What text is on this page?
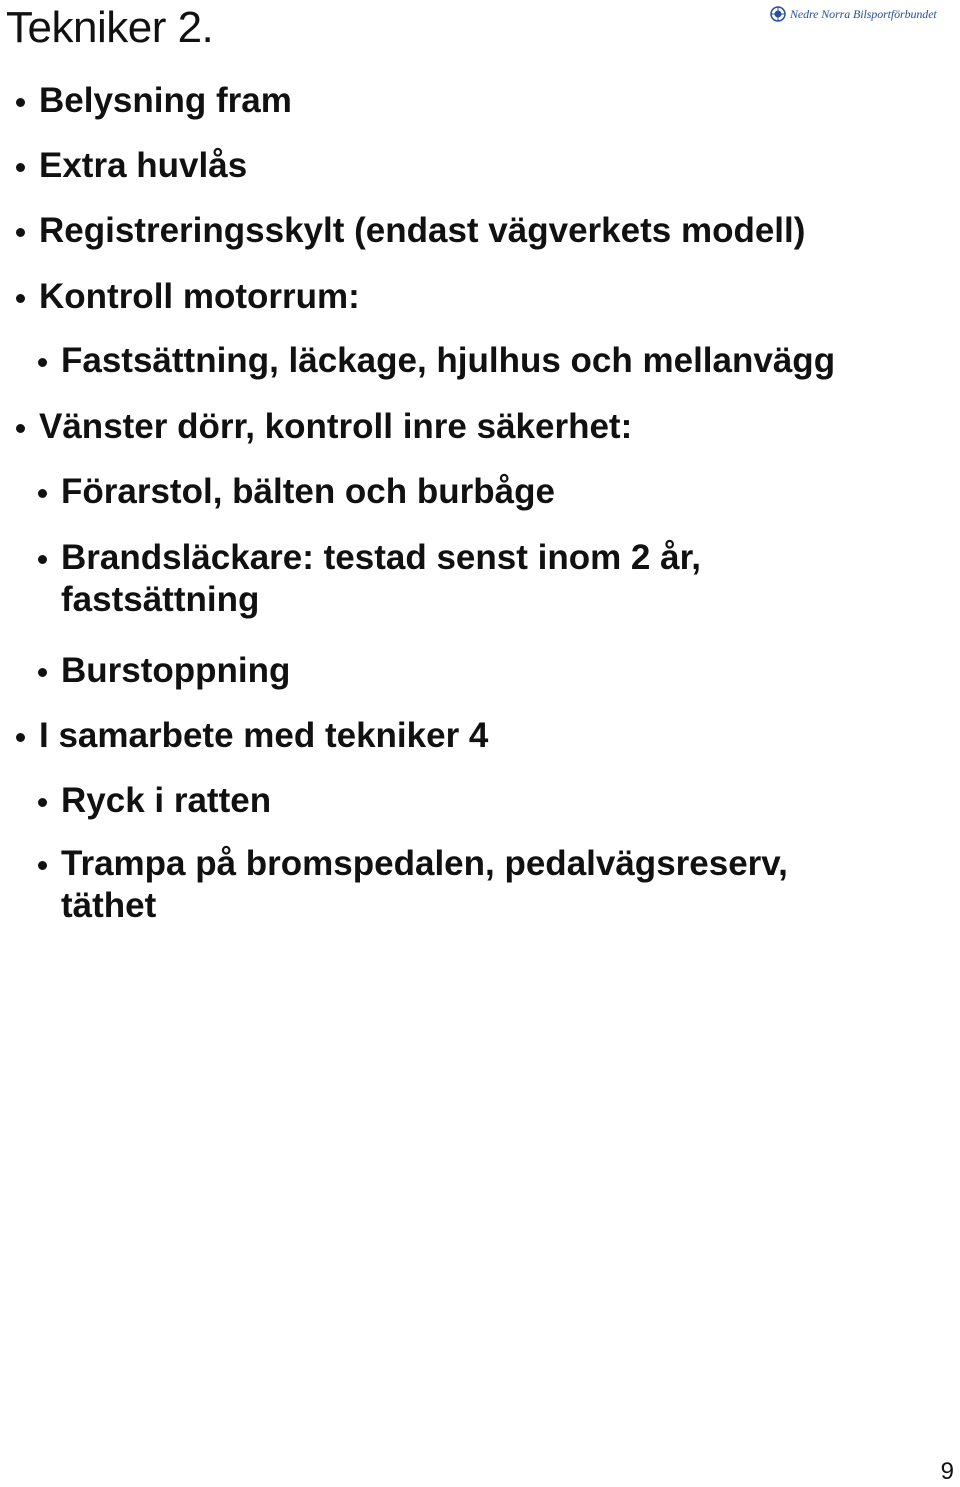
Tekniker 2.	Nedre Norra Bilsportförbundet
Belysning fram
Extra huvlås
Registreringsskylt (endast vägverkets modell)
Kontroll motorrum:
Fastsättning, läckage, hjulhus och mellanvägg
Vänster dörr, kontroll inre säkerhet:
Förarstol, bälten och burbåge
Brandsläckare: testad senst inom 2 år, fastsättning
Burstoppning
I samarbete med tekniker 4
Ryck i ratten
Trampa på bromspedalen, pedalvägsreserv, täthet
9
